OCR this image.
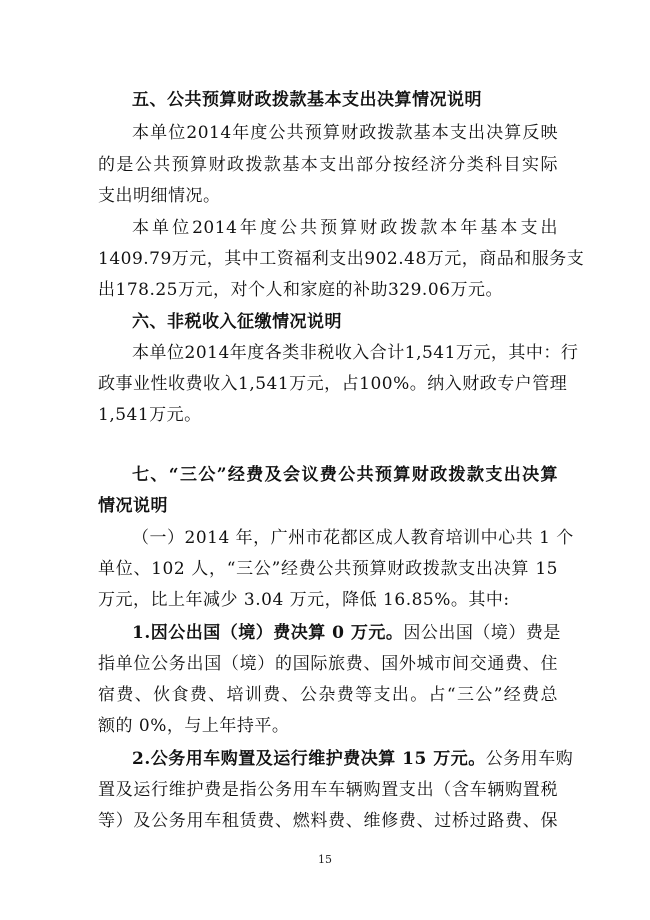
五、公共预算财政拨款基本支出决算情况说明
本单位2014年度公共预算财政拨款基本支出决算反映
的是公共预算财政拨款基本支出部分按经济分类科目实际
支出明细情况。
本单位2014年度公共预算财政拨款本年基本支出
1409.79万元，其中工资福利支出902.48万元，商品和服务支
出178.25万元，对个人和家庭的补助329.06万元。
六、非税收入征缴情况说明
本单位2014年度各类非税收入合计1,541万元，其中：行
政事业性收费收入1,541万元，占100%。纳入财政专户管理
1,541万元。
七、“三公”经费及会议费公共预算财政拨款支出决算
情况说明
（一）2014 年，广州市花都区成人教育培训中心共 1 个
单位、102 人，“三公”经费公共预算财政拨款支出决算 15
万元，比上年减少 3.04 万元，降低 16.85%。其中:
1.因公出国（境）费决算 0 万元。因公出国（境）费是
指单位公务出国（境）的国际旅费、国外城市间交通费、住
宿费、伙食费、培训费、公杂费等支出。占“三公”经费总
额的 0%，与上年持平。
2.公务用车购置及运行维护费决算 15 万元。公务用车购
置及运行维护费是指公务用车车辆购置支出（含车辆购置税
等）及公务用车租赁费、燃料费、维修费、过桥过路费、保
15
